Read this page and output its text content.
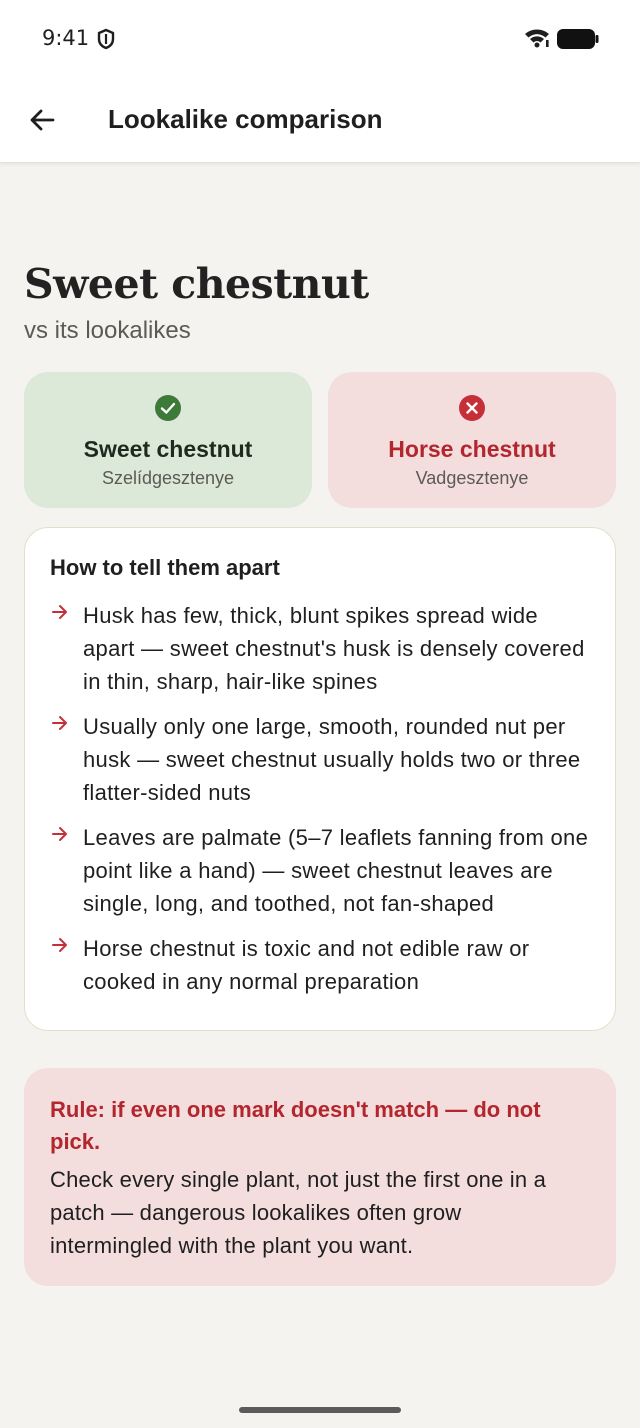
9:41
Lookalike comparison
Sweet chestnut
vs its lookalikes
Sweet chestnut
Szelídgesztenye
Horse chestnut
Vadgesztenye
How to tell them apart
Husk has few, thick, blunt spikes spread wide apart — sweet chestnut's husk is densely covered in thin, sharp, hair-like spines
Usually only one large, smooth, rounded nut per husk — sweet chestnut usually holds two or three flatter-sided nuts
Leaves are palmate (5–7 leaflets fanning from one point like a hand) — sweet chestnut leaves are single, long, and toothed, not fan-shaped
Horse chestnut is toxic and not edible raw or cooked in any normal preparation
Rule: if even one mark doesn't match — do not pick.
Check every single plant, not just the first one in a patch — dangerous lookalikes often grow intermingled with the plant you want.
